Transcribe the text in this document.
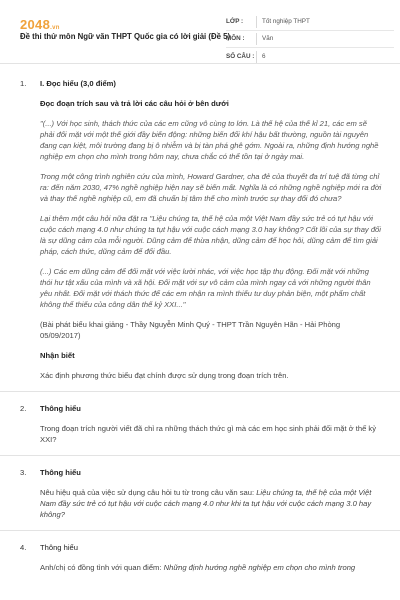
2048.vn
Đề thi thử môn Ngữ văn THPT Quốc gia có lời giải (Đề 5)
LỚP :	Tốt nghiệp THPT
MÔN :	Văn
SỐ CÂU : 6
1. I. Đọc hiểu (3,0 điểm)
Đọc đoạn trích sau và trả lời các câu hỏi ở bên dưới

"(...) Với học sinh, thách thức của các em cũng vô cùng to lớn. Là thế hệ của thế kỉ 21, các em sẽ phải đối mặt với một thế giới đầy biến động: những biến đổi khí hậu bất thường, nguồn tài nguyên đang cạn kiệt, môi trường đang bị ô nhiễm và bị tàn phá ghê gớm. Ngoài ra, những định hướng nghề nghiệp em chọn cho mình trong hôm nay, chưa chắc có thể tồn tại ở ngày mai.

Trong một công trình nghiên cứu của mình, Howard Gardner, cha đẻ của thuyết đa trí tuệ đã từng chỉ ra: đến năm 2030, 47% nghề nghiệp hiện nay sẽ biến mất. Nghĩa là có những nghề nghiệp mới ra đời và thay thế nghề nghiệp cũ, em đã chuẩn bị tâm thế cho mình trước sự thay đổi đó chưa?

Lại thêm một câu hỏi nữa đặt ra "Liệu chúng ta, thế hệ của một Việt Nam đầy sức trẻ có tụt hậu với cuộc cách mạng 4.0 như chúng ta tụt hậu với cuộc cách mạng 3.0 hay không? Cốt lõi của sự thay đổi là sự dũng cảm của mỗi người. Dũng cảm để thừa nhận, dũng cảm để học hỏi, dũng cảm để tìm giải pháp, cách thức, dũng cảm để đổi đầu.

(...) Các em dũng cảm để đối mặt với việc lười nhác, với việc học tập thụ động. Đối mặt với những thói hư tật xấu của mình và xã hội. Đối mặt với sự vô cảm của mình ngay cả với những người thân yêu nhất. Đối mặt với thách thức để các em nhận ra mình thiếu tư duy phản biện, một phẩm chất không thể thiếu của công dân thế kỷ XXI..."

(Bài phát biểu khai giảng - Thầy Nguyễn Minh Quý - THPT Trần Nguyên Hãn - Hải Phòng 05/09/2017)

Nhận biết
Xác định phương thức biểu đạt chính được sử dụng trong đoạn trích trên.
2. Thông hiểu
Trong đoạn trích người viết đã chỉ ra những thách thức gì mà các em học sinh phải đối mặt ở thế kỷ XXI?
3. Thông hiểu
Nêu hiệu quả của việc sử dụng câu hỏi tu từ trong câu văn sau: Liệu chúng ta, thế hệ của một Việt Nam đầy sức trẻ có tụt hậu với cuộc cách mạng 4.0 như khi ta tụt hậu với cuộc cách mạng 3.0 hay không?
4. Thông hiểu
Anh/chị có đồng tình với quan điểm: Những định hướng nghề nghiệp em chọn cho mình trong
